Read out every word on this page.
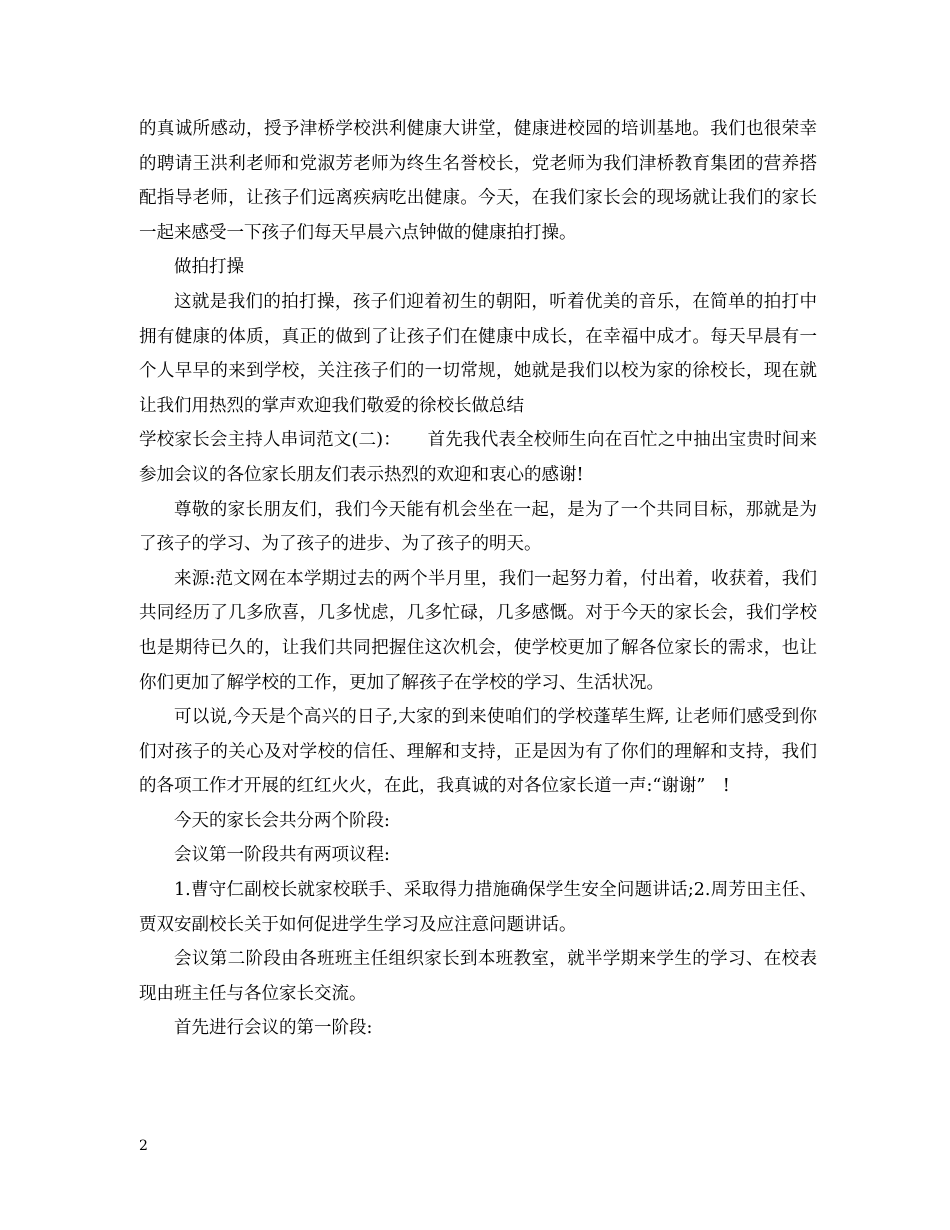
的真诚所感动，授予津桥学校洪利健康大讲堂，健康进校园的培训基地。我们也很荣幸的聘请王洪利老师和党淑芳老师为终生名誉校长，党老师为我们津桥教育集团的营养搭配指导老师，让孩子们远离疾病吃出健康。今天，在我们家长会的现场就让我们的家长一起来感受一下孩子们每天早晨六点钟做的健康拍打操。

做拍打操

这就是我们的拍打操，孩子们迎着初生的朝阳，听着优美的音乐，在简单的拍打中拥有健康的体质，真正的做到了让孩子们在健康中成长，在幸福中成才。每天早晨有一个人早早的来到学校，关注孩子们的一切常规，她就是我们以校为家的徐校长，现在就让我们用热烈的掌声欢迎我们敬爱的徐校长做总结

学校家长会主持人串词范文(二)：　　首先我代表全校师生向在百忙之中抽出宝贵时间来参加会议的各位家长朋友们表示热烈的欢迎和衷心的感谢!

尊敬的家长朋友们，我们今天能有机会坐在一起，是为了一个共同目标，那就是为了孩子的学习、为了孩子的进步、为了孩子的明天。

来源:范文网在本学期过去的两个半月里，我们一起努力着，付出着，收获着，我们共同经历了几多欣喜，几多忧虑，几多忙碌，几多感慨。对于今天的家长会，我们学校也是期待已久的，让我们共同把握住这次机会，使学校更加了解各位家长的需求，也让你们更加了解学校的工作，更加了解孩子在学校的学习、生活状况。

可以说,今天是个高兴的日子,大家的到来使咱们的学校蓬荜生辉, 让老师们感受到你们对孩子的关心及对学校的信任、理解和支持，正是因为有了你们的理解和支持，我们的各项工作才开展的红红火火，在此，我真诚的对各位家长道一声:“谢谢”　!

今天的家长会共分两个阶段:

会议第一阶段共有两项议程:

1.曹守仁副校长就家校联手、采取得力措施确保学生安全问题讲话;2.周芳田主任、贾双安副校长关于如何促进学生学习及应注意问题讲话。

会议第二阶段由各班班主任组织家长到本班教室，就半学期来学生的学习、在校表现由班主任与各位家长交流。

首先进行会议的第一阶段:

2
